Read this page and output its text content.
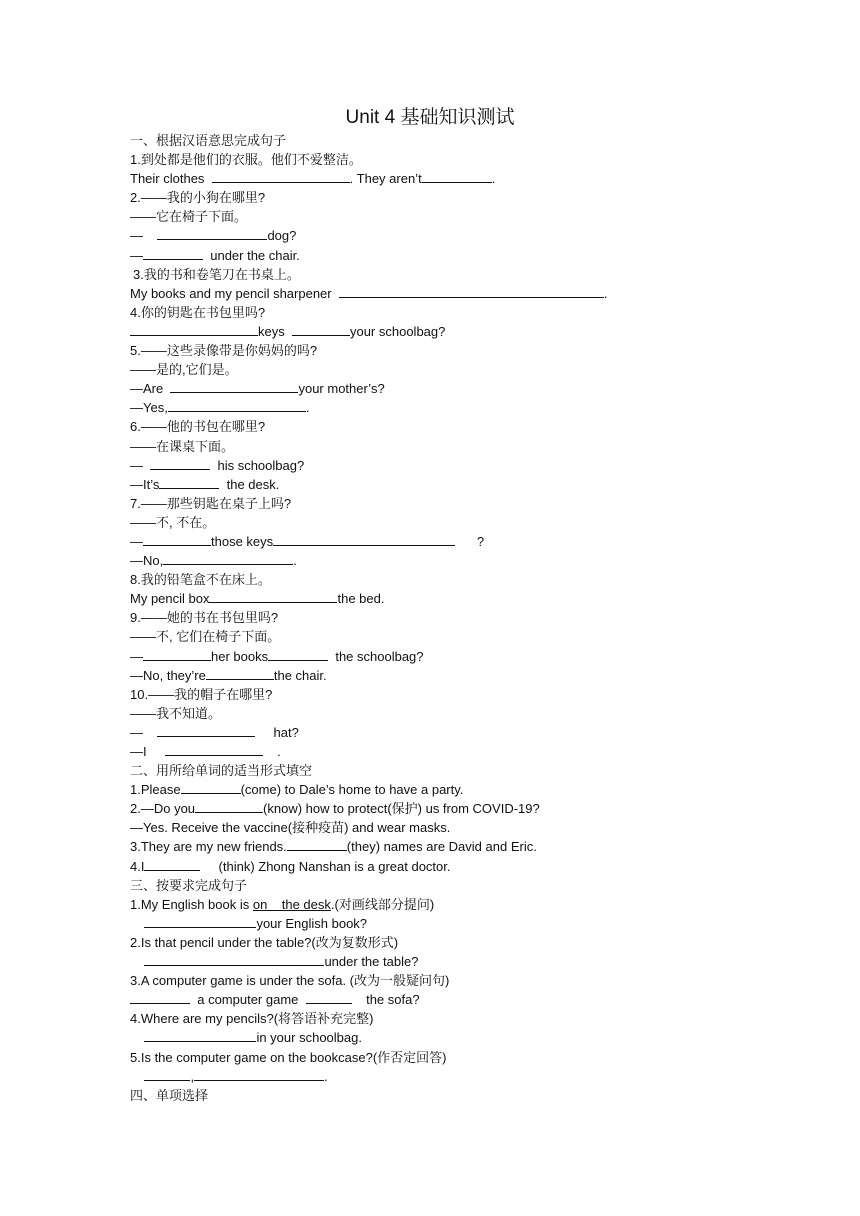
Unit 4 基础知识测试
一、根据汉语意思完成句子
1.到处都是他们的衣服。他们不爱整洁。
Their clothes	. They aren’t	.
2.——我的小狗在哪里?
——它在椅子下面。
—	dog?
—	under the chair.
3.我的书和卷笔刀在书桌上。
My books and my pencil sharpener	.
4.你的钥匙在书包里吗?
keys	your schoolbag?
5.——这些录像带是你妈妈的吗?
——是的,它们是。
—Are	your mother’s?
—Yes,	.
6.——他的书包在哪里?
——在课桌下面。
—	his schoolbag?
—It’s	the desk.
7.——那些钥匙在桌子上吗?
——不, 不在。
—	those keys	?
—No,	.
8.我的铅笔盒不在床上。
My pencil box	the bed.
9.——她的书在书包里吗?
——不, 它们在椅子下面。
—	her books	the schoolbag?
—No, they’re	the chair.
10.——我的帽子在哪里?
——我不知道。
—	hat?
—I	.
二、用所给单词的适当形式填空
1.Please	(come) to Dale’s home to have a party.
2.—Do you	(know) how to protect(保护) us from COVID-19?
—Yes. Receive the vaccine(接种疫苗) and wear masks.
3.They are my new friends.	(they) names are David and Eric.
4.I	(think) Zhong Nanshan is a great doctor.
三、按要求完成句子
1.My English book is on    the desk.(对画线部分提问)
your English book?
2.Is that pencil under the table?(改为复数形式)
under the table?
3.A computer game is under the sofa. (改为一般疑问句)
a computer game	the sofa?
4.Where are my pencils?(将答语补充完整)
in your schoolbag.
5.Is the computer game on the bookcase?(作否定回答)
,	.
四、单项选择
